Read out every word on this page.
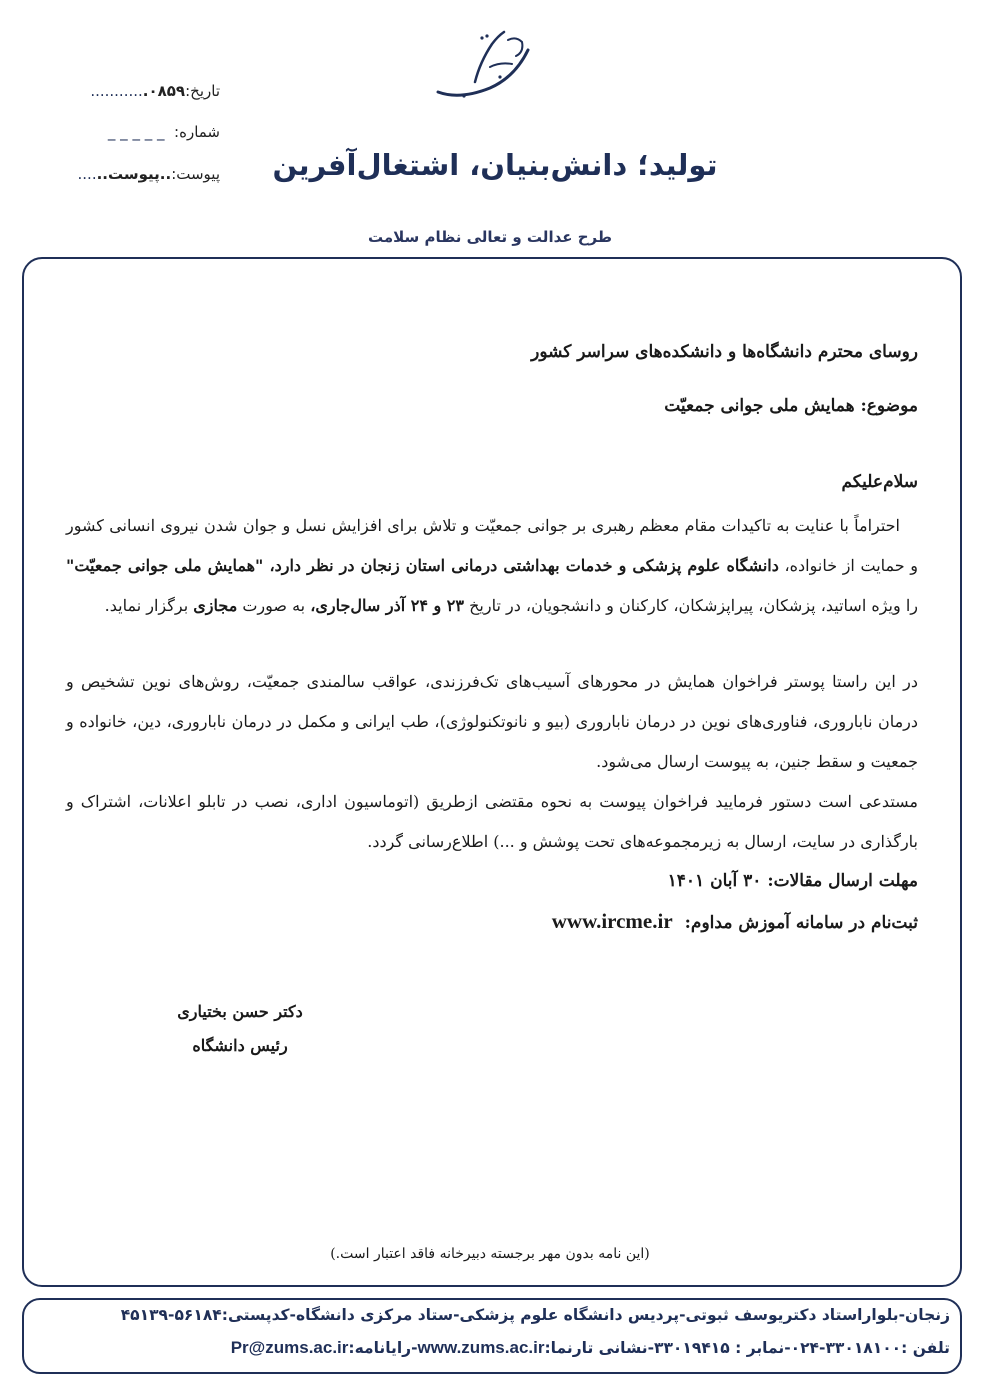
تولید؛ دانش‌بنیان، اشتغال‌آفرین
تاریخ:۰۸۵۹............
شماره:  _ _ _ _ _
پیوست:..پیوست......
طرح عدالت و تعالی نظام سلامت
روسای محترم دانشگاه‌ها و دانشکده‌های سراسر کشور
موضوع: همایش ملی جوانی جمعیّت
سلام‌علیکم
احتراماً با عنایت به تاکیدات مقام معظم رهبری بر جوانی جمعیّت و تلاش برای افزایش نسل و جوان شدن نیروی انسانی کشور و حمایت از خانواده، دانشگاه علوم پزشکی و خدمات بهداشتی درمانی استان زنجان در نظر دارد، "همایش ملی جوانی جمعیّت" را ویژه اساتید، پزشکان، پیراپزشکان، کارکنان و دانشجویان، در تاریخ ۲۳ و ۲۴ آذر سال‌جاری، به صورت مجازی برگزار نماید.
در این راستا پوستر فراخوان همایش در محورهای آسیب‌های تک‌فرزندی، عواقب سالمندی جمعیّت، روش‌های نوین تشخیص و درمان ناباروری، فناوری‌های نوین در درمان ناباروری (بیو و نانوتکنولوژی)، طب ایرانی و مکمل در درمان ناباروری، دین، خانواده و جمعیت و سقط جنین، به پیوست ارسال می‌شود.
مستدعی است دستور فرمایید فراخوان پیوست به نحوه مقتضی ازطریق (اتوماسیون اداری، نصب در تابلو اعلانات، اشتراک و بارگذاری در سایت، ارسال به زیرمجموعه‌های تحت پوشش و ...) اطلاع‌رسانی گردد.
مهلت ارسال مقالات: ۳۰ آبان ۱۴۰۱
ثبت‌نام در سامانه آموزش مداوم:www.ircme.ir
دکتر حسن بختیاری
رئیس دانشگاه
(این نامه بدون مهر برجسته دبیرخانه فاقد اعتبار است.)
زنجان-بلواراستاد دکتریوسف ثبوتی-پردیس دانشگاه علوم پزشکی-ستاد مرکزی دانشگاه-کدپستی:۵۶۱۸۴-۴۵۱۳۹
تلفن :۳۳۰۱۸۱۰۰-۰۲۴-نمابر : ۳۳۰۱۹۴۱۵-نشانی تارنما:www.zums.ac.ir-رایانامه:Pr@zums.ac.ir
